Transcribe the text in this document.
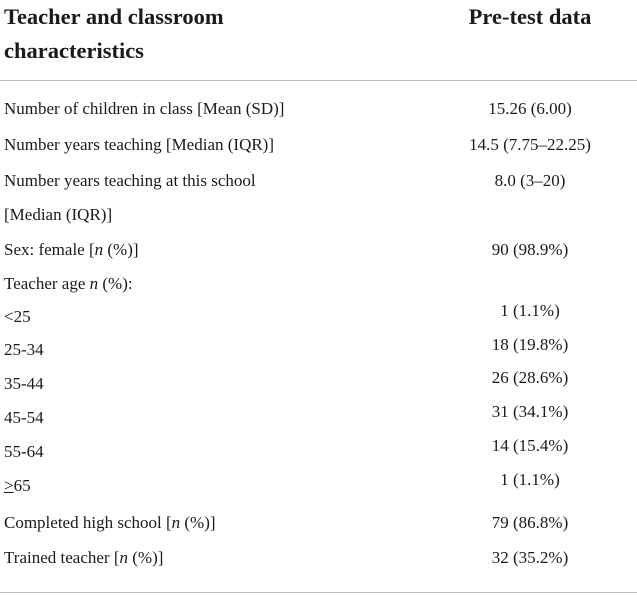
Teacher and classroom
characteristics
Pre-test data
Number of children in class [Mean (SD)]	15.26 (6.00)
Number years teaching [Median (IQR)]	14.5 (7.75–22.25)
Number years teaching at this school	8.0 (3–20)
[Median (IQR)]
Sex: female [n (%)]	90 (98.9%)
Teacher age n (%):
<25	1 (1.1%)
25-34	18 (19.8%)
35-44	26 (28.6%)
45-54	31 (34.1%)
55-64	14 (15.4%)
>65	1 (1.1%)
Completed high school [n (%)]	79 (86.8%)
Trained teacher [n (%)]	32 (35.2%)
